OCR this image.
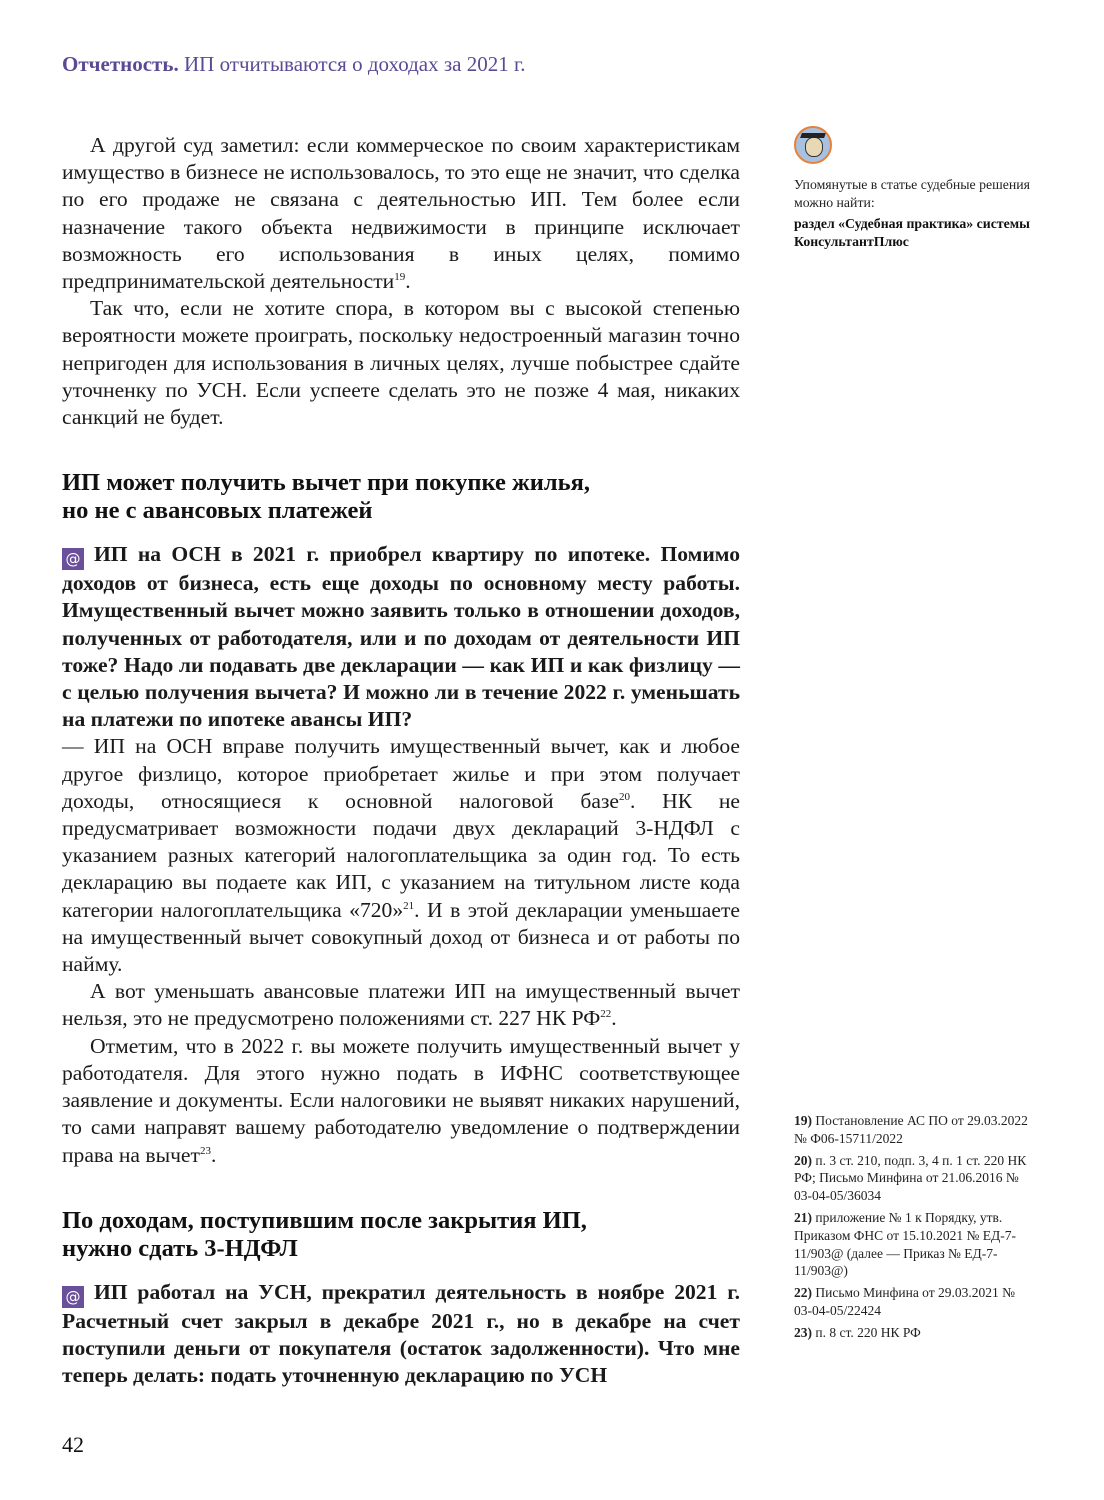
Отчетность. ИП отчитываются о доходах за 2021 г.

А другой суд заметил: если коммерческое по своим характеристикам имущество в бизнесе не использовалось, то это еще не значит, что сделка по его продаже не связана с деятельностью ИП. Тем более если назначение такого объекта недвижимости в принципе исключает возможность его использования в иных целях, помимо предпринимательской деятельности$^{19}$.

Так что, если не хотите спора, в котором вы с высокой степенью вероятности можете проиграть, поскольку недостроенный магазин точно непригоден для использования в личных целях, лучше побыстрее сдайте уточненку по УСН. Если успеете сделать это не позже 4 мая, никаких санкций не будет.

ИП может получить вычет при покупке жилья,
но не с авансовых платежей

@ ИП на ОСН в 2021 г. приобрел квартиру по ипотеке. Помимо доходов от бизнеса, есть еще доходы по основному месту работы. Имущественный вычет можно заявить только в отношении доходов, полученных от работодателя, или и по доходам от деятельности ИП тоже? Надо ли подавать две декларации — как ИП и как физлицу — с целью получения вычета? И можно ли в течение 2022 г. уменьшать на платежи по ипотеке авансы ИП?

— ИП на ОСН вправе получить имущественный вычет, как и любое другое физлицо, которое приобретает жилье и при этом получает доходы, относящиеся к основной налоговой базе$^{20}$. НК не предусматривает возможности подачи двух деклараций 3-НДФЛ с указанием разных категорий налогоплательщика за один год. То есть декларацию вы подаете как ИП, с указанием на титульном листе кода категории налогоплательщика «720»$^{21}$. И в этой декларации уменьшаете на имущественный вычет совокупный доход от бизнеса и от работы по найму.

А вот уменьшать авансовые платежи ИП на имущественный вычет нельзя, это не предусмотрено положениями ст. 227 НК РФ$^{22}$.

Отметим, что в 2022 г. вы можете получить имущественный вычет у работодателя. Для этого нужно подать в ИФНС соответствующее заявление и документы. Если налоговики не выявят никаких нарушений, то сами направят вашему работодателю уведомление о подтверждении права на вычет$^{23}$.

По доходам, поступившим после закрытия ИП,
нужно сдать 3-НДФЛ

@ ИП работал на УСН, прекратил деятельность в ноябре 2021 г. Расчетный счет закрыл в декабре 2021 г., но в декабре на счет поступили деньги от покупателя (остаток задолженности). Что мне теперь делать: подать уточненную декларацию по УСН

Упомянутые в статье судебные решения можно найти:
раздел «Судебная практика» системы КонсультантПлюс
19) Постановление АС ПО от 29.03.2022 № Ф06-15711/2022
20) п. 3 ст. 210, подп. 3, 4 п. 1 ст. 220 НК РФ; Письмо Минфина от 21.06.2016 № 03-04-05/36034
21) приложение № 1 к Порядку, утв. Приказом ФНС от 15.10.2021 № ЕД-7-11/903@ (далее — Приказ № ЕД-7-11/903@)
22) Письмо Минфина от 29.03.2021 № 03-04-05/22424
23) п. 8 ст. 220 НК РФ
42
